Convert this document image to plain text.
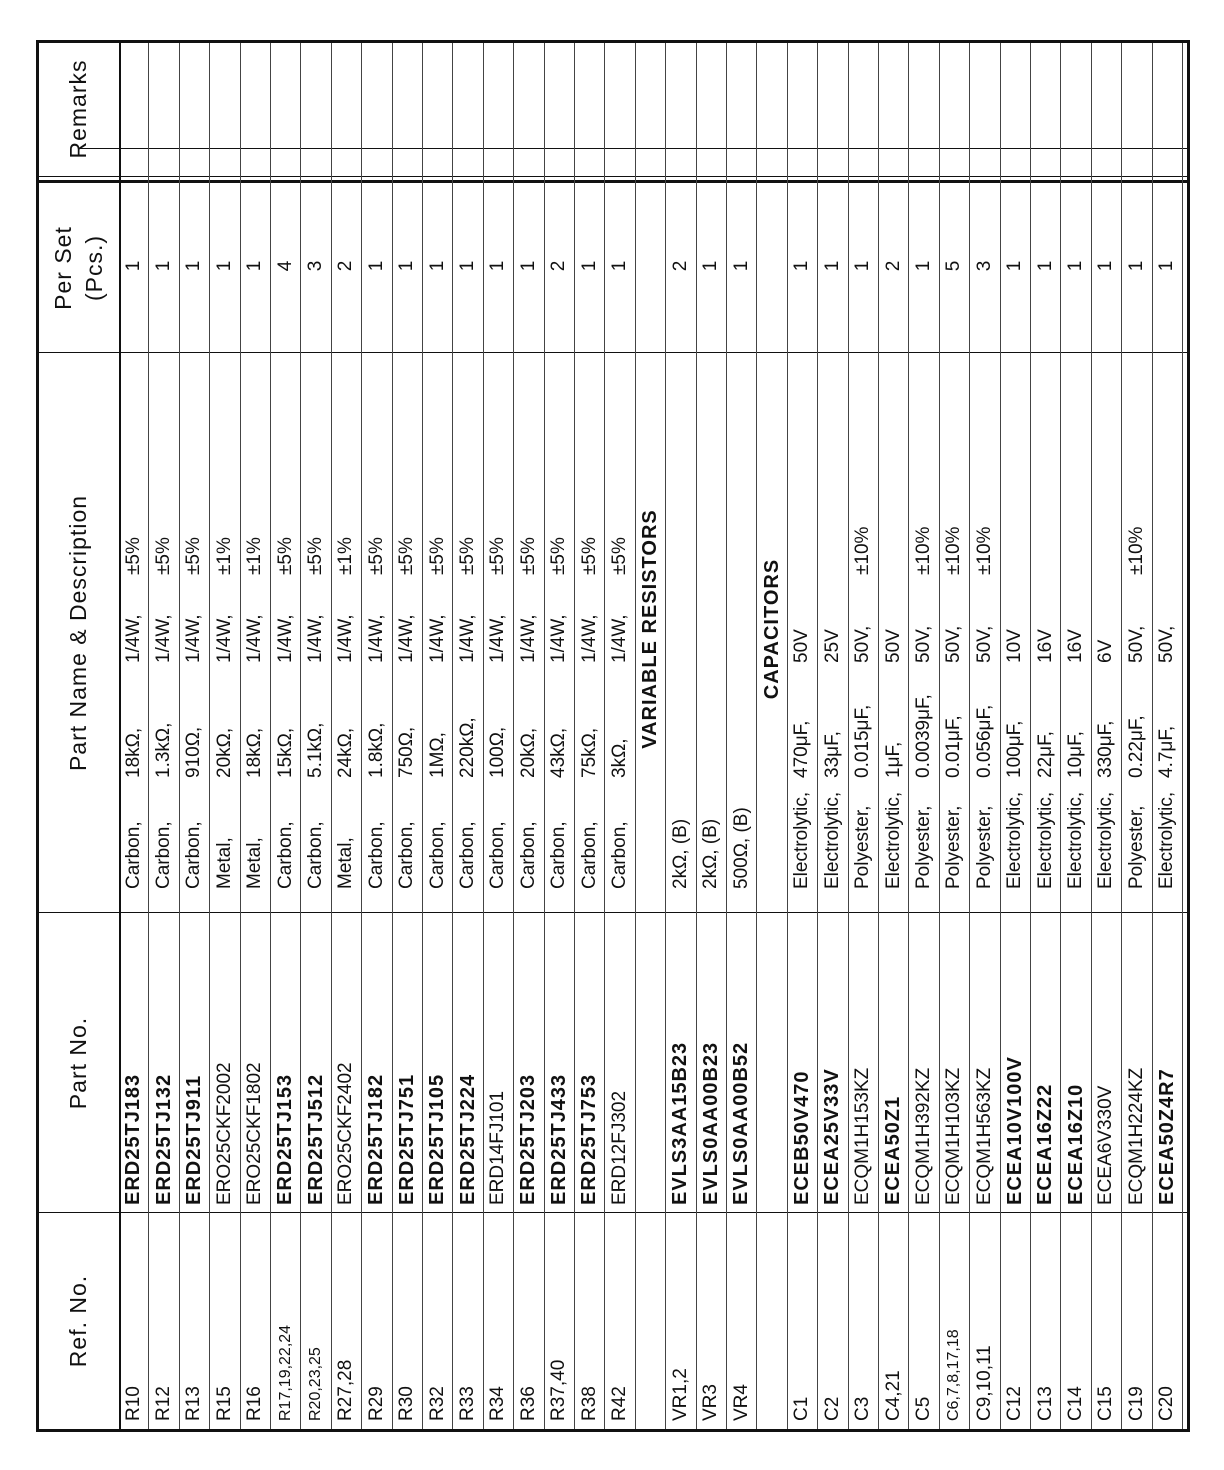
Ref. No.
Part No.
Part Name & Description
Per Set (Pcs.)
Remarks
R10
ERD25TJ183
Carbon,
18kΩ,
1/4W,
±5%
1
R12
ERD25TJ132
Carbon,
1.3kΩ,
1/4W,
±5%
1
R13
ERD25TJ911
Carbon,
910Ω,
1/4W,
±5%
1
R15
ERO25CKF2002
Metal,
20kΩ,
1/4W,
±1%
1
R16
ERO25CKF1802
Metal,
18kΩ,
1/4W,
±1%
1
R17,19,22,24
ERD25TJ153
Carbon,
15kΩ,
1/4W,
±5%
4
R20,23,25
ERD25TJ512
Carbon,
5.1kΩ,
1/4W,
±5%
3
R27,28
ERO25CKF2402
Metal,
24kΩ,
1/4W,
±1%
2
R29
ERD25TJ182
Carbon,
1.8kΩ,
1/4W,
±5%
1
R30
ERD25TJ751
Carbon,
750Ω,
1/4W,
±5%
1
R32
ERD25TJ105
Carbon,
1MΩ,
1/4W,
±5%
1
R33
ERD25TJ224
Carbon,
220kΩ,
1/4W,
±5%
1
R34
ERD14FJ101
Carbon,
100Ω,
1/4W,
±5%
1
R36
ERD25TJ203
Carbon,
20kΩ,
1/4W,
±5%
1
R37,40
ERD25TJ433
Carbon,
43kΩ,
1/4W,
±5%
2
R38
ERD25TJ753
Carbon,
75kΩ,
1/4W,
±5%
1
R42
ERD12FJ302
Carbon,
3kΩ,
1/4W,
±5%
1
VARIABLE RESISTORS
VR1,2
EVLS3AA15B23
2kΩ, (B)
2
VR3
EVLS0AA00B23
2kΩ, (B)
1
VR4
EVLS0AA00B52
500Ω, (B)
1
CAPACITORS
C1
ECEB50V470
Electrolytic,
470μF,
50V
1
C2
ECEA25V33V
Electrolytic,
33μF,
25V
1
C3
ECQM1H153KZ
Polyester,
0.015μF,
50V,
±10%
1
C4,21
ECEA50Z1
Electrolytic,
1μF,
50V
2
C5
ECQM1H392KZ
Polyester,
0.0039μF,
50V,
±10%
1
C6,7,8,17,18
ECQM1H103KZ
Polyester,
0.01μF,
50V,
±10%
5
C9,10,11
ECQM1H563KZ
Polyester,
0.056μF,
50V,
±10%
3
C12
ECEA10V100V
Electrolytic,
100μF,
10V
1
C13
ECEA16Z22
Electrolytic,
22μF,
16V
1
C14
ECEA16Z10
Electrolytic,
10μF,
16V
1
C15
ECEA6V330V
Electrolytic,
330μF,
6V
1
C19
ECQM1H224KZ
Polyester,
0.22μF,
50V,
±10%
1
C20
ECEA50Z4R7
Electrolytic,
4.7μF,
50V,
1
